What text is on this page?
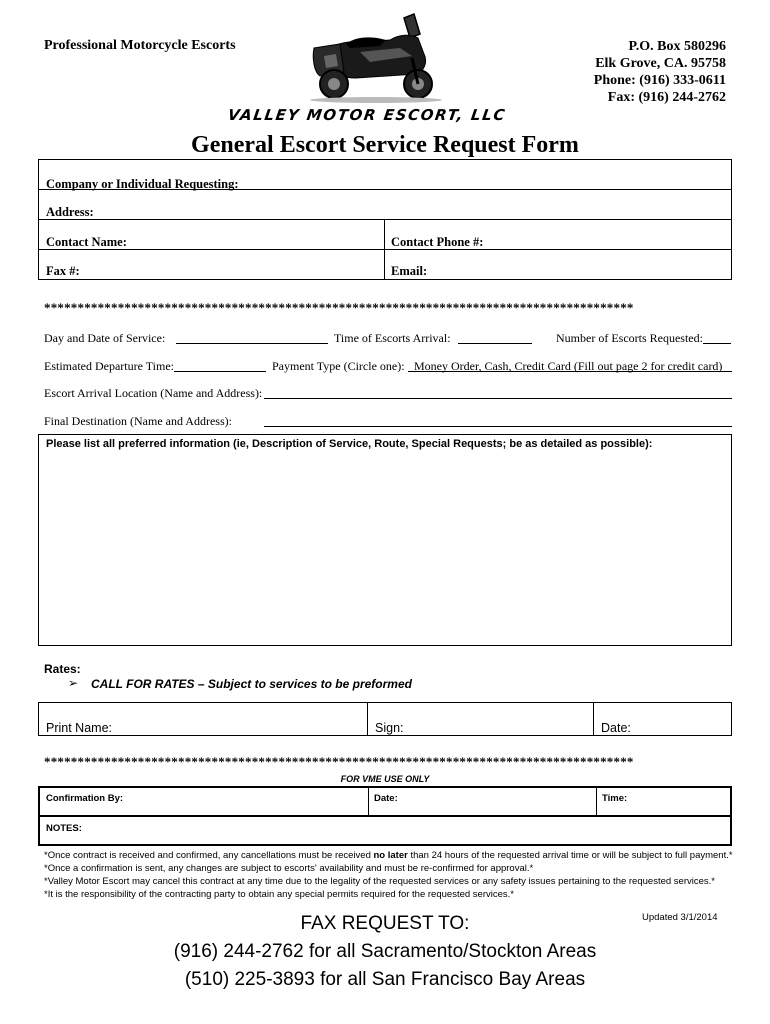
Professional Motorcycle Escorts	P.O. Box 580296
Elk Grove, CA. 95758
Phone: (916) 333-0611
Fax: (916) 244-2762
VALLEY MOTOR ESCORT, LLC
General Escort Service Request Form
Company or Individual Requesting:
Address:
Contact Name:	Contact Phone #:
Fax #:	Email:
****************************************************************************************
Day and Date of Service:	Time of Escorts Arrival:	Number of Escorts Requested:
Estimated Departure Time:	Payment Type (Circle one): Money Order, Cash, Credit Card (Fill out page 2 for credit card)
Escort Arrival Location (Name and Address):
Final Destination (Name and Address):
Please list all preferred information (ie, Description of Service, Route, Special Requests; be as detailed as possible):
Rates:
➢ CALL FOR RATES – Subject to services to be preformed
Print Name:	Sign:	Date:
****************************************************************************************
FOR VME USE ONLY
Confirmation By:	Date:	Time:
NOTES:
*Once contract is received and confirmed, any cancellations must be received no later than 24 hours of the requested arrival time or will be subject to full payment.*
*Once a confirmation is sent, any changes are subject to escorts' availability and must be re-confirmed for approval.*
*Valley Motor Escort may cancel this contract at any time due to the legality of the requested services or any safety issues pertaining to the requested services.*
*It is the responsibility of the contracting party to obtain any special permits required for the requested services.*
Updated 3/1/2014
FAX REQUEST TO:
(916) 244-2762 for all Sacramento/Stockton Areas
(510) 225-3893 for all San Francisco Bay Areas
